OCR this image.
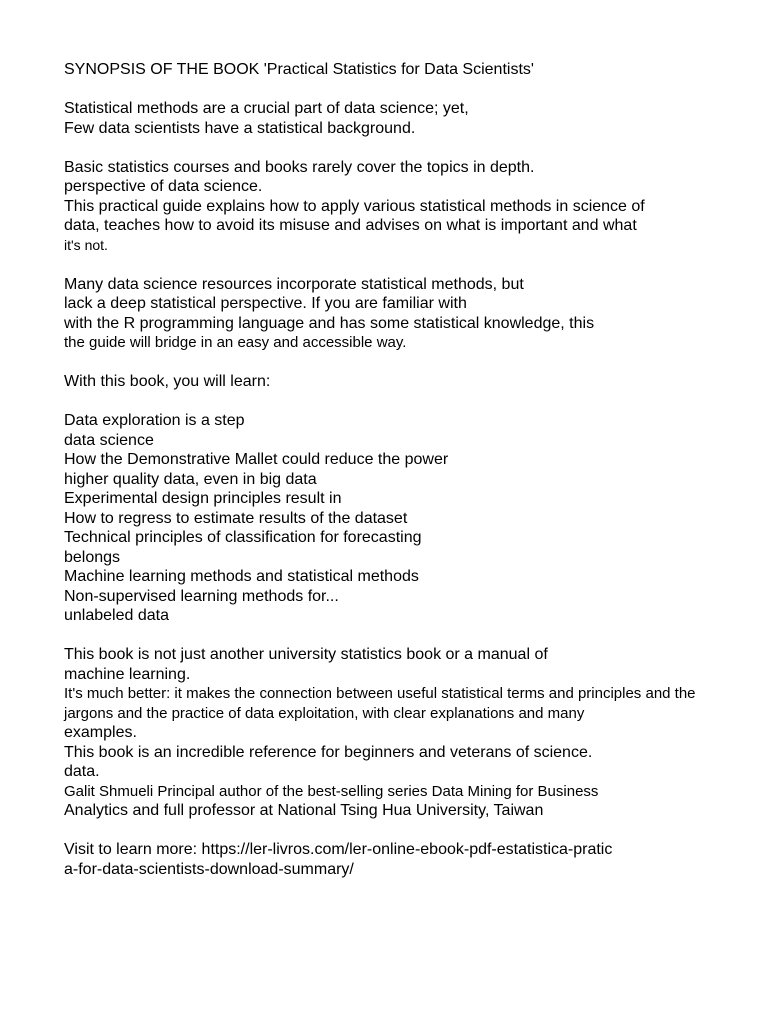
SYNOPSIS OF THE BOOK 'Practical Statistics for Data Scientists'
Statistical methods are a crucial part of data science; yet,
Few data scientists have a statistical background.
Basic statistics courses and books rarely cover the topics in depth.
perspective of data science.
This practical guide explains how to apply various statistical methods in science of
data, teaches how to avoid its misuse and advises on what is important and what
it's not.
Many data science resources incorporate statistical methods, but
lack a deep statistical perspective. If you are familiar with
with the R programming language and has some statistical knowledge, this
the guide will bridge in an easy and accessible way.
With this book, you will learn:
Data exploration is a step
data science
How the Demonstrative Mallet could reduce the power
higher quality data, even in big data
Experimental design principles result in
How to regress to estimate results of the dataset
Technical principles of classification for forecasting
belongs
Machine learning methods and statistical methods
Non-supervised learning methods for...
unlabeled data
This book is not just another university statistics book or a manual of
machine learning.
It's much better: it makes the connection between useful statistical terms and principles and the
jargons and the practice of data exploitation, with clear explanations and many
examples.
This book is an incredible reference for beginners and veterans of science.
data.
Galit Shmueli Principal author of the best-selling series Data Mining for Business
Analytics and full professor at National Tsing Hua University, Taiwan
Visit to learn more: https://ler-livros.com/ler-online-ebook-pdf-estatistica-pratic
a-for-data-scientists-download-summary/
